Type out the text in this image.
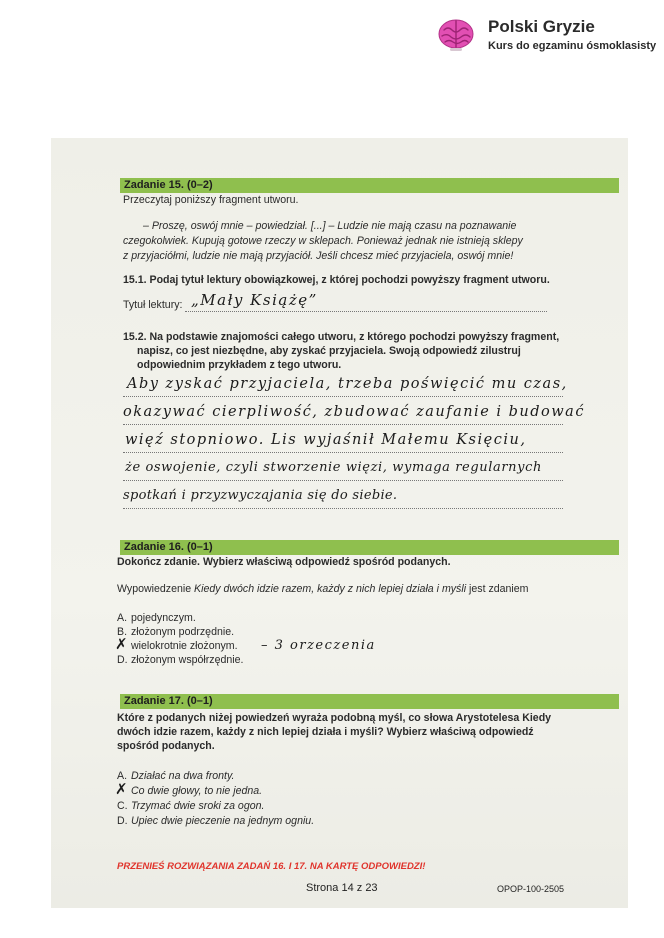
Polski Gryzie
Kurs do egzaminu ósmoklasisty
Zadanie 15. (0–2)
Przeczytaj poniższy fragment utworu.
– Proszę, oswój mnie – powiedział. [...] – Ludzie nie mają czasu na poznawanie
czegokolwiek. Kupują gotowe rzeczy w sklepach. Ponieważ jednak nie istnieją sklepy
z przyjaciółmi, ludzie nie mają przyjaciół. Jeśli chcesz mieć przyjaciela, oswój mnie!
15.1. Podaj tytuł lektury obowiązkowej, z której pochodzi powyższy fragment utworu.
Tytuł lektury: „Mały Książę”
15.2. Na podstawie znajomości całego utworu, z którego pochodzi powyższy fragment,
napisz, co jest niezbędne, aby zyskać przyjaciela. Swoją odpowiedź zilustruj
odpowiednim przykładem z tego utworu.
Aby zyskać przyjaciela, trzeba poświęcić mu czas,
okazywać cierpliwość, zbudować zaufanie i budować
więź stopniowo. Lis wyjaśnił Małemu Księciu,
że oswojenie, czyli stworzenie więzi, wymaga regularnych
spotkań i przyzwyczajania się do siebie.
Zadanie 16. (0–1)
Dokończ zdanie. Wybierz właściwą odpowiedź spośród podanych.
Wypowiedzenie Kiedy dwóch idzie razem, każdy z nich lepiej działa i myśli jest zdaniem
A. pojedynczym.
B. złożonym podrzędnie.
wielokrotnie złożonym.
✗
D. złożonym współrzędnie.
– 3 orzeczenia
Zadanie 17. (0–1)
Które z podanych niżej powiedzeń wyraża podobną myśl, co słowa Arystotelesa Kiedy
dwóch idzie razem, każdy z nich lepiej działa i myśli? Wybierz właściwą odpowiedź
spośród podanych.
A. Działać na dwa fronty.
Co dwie głowy, to nie jedna.
✗
C. Trzymać dwie sroki za ogon.
D. Upiec dwie pieczenie na jednym ogniu.
PRZENIEŚ ROZWIĄZANIA ZADAŃ 16. I 17. NA KARTĘ ODPOWIEDZI!
Strona 14 z 23	OPOP-100-2505
